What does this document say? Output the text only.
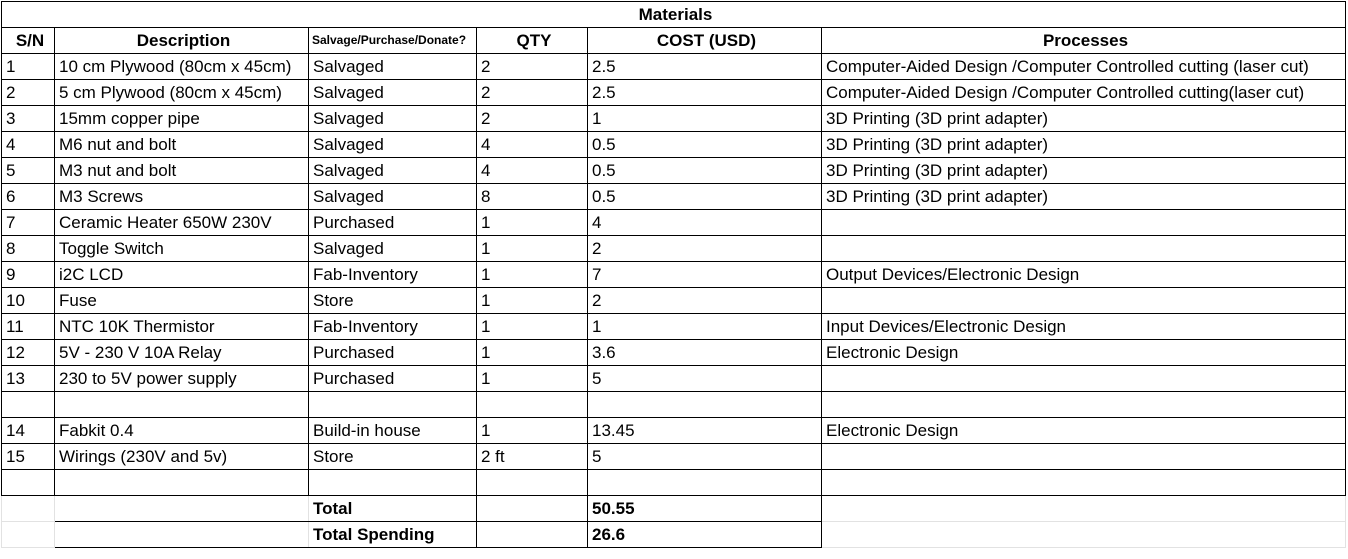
Materials					
S/N	Description	Salvage/Purchase/Donate?	QTY	COST (USD)	Processes
1	10 cm Plywood (80cm x 45cm)	Salvaged	2	2.5	Computer-Aided Design /Computer Controlled cutting (laser cut)
2	5 cm Plywood (80cm x 45cm)	Salvaged	2	2.5	Computer-Aided Design /Computer Controlled cutting(laser cut)
3	15mm copper pipe	Salvaged	2	1	3D Printing (3D print adapter)
4	M6 nut and bolt	Salvaged	4	0.5	3D Printing (3D print adapter)
5	M3 nut and bolt	Salvaged	4	0.5	3D Printing (3D print adapter)
6	M3 Screws	Salvaged	8	0.5	3D Printing (3D print adapter)
7	Ceramic Heater 650W 230V	Purchased	1	4	
8	Toggle Switch	Salvaged	1	2	
9	i2C LCD	Fab-Inventory	1	7	Output Devices/Electronic Design
10	Fuse	Store	1	2	
11	NTC 10K Thermistor	Fab-Inventory	1	1	Input Devices/Electronic Design
12	5V - 230 V 10A Relay	Purchased	1	3.6	Electronic Design
13	230 to 5V power supply	Purchased	1	5	

14	Fabkit 0.4	Build-in house	1	13.45	Electronic Design
15	Wirings (230V and 5v)	Store	2 ft	5	

		Total		50.55	
		Total Spending		26.6	
